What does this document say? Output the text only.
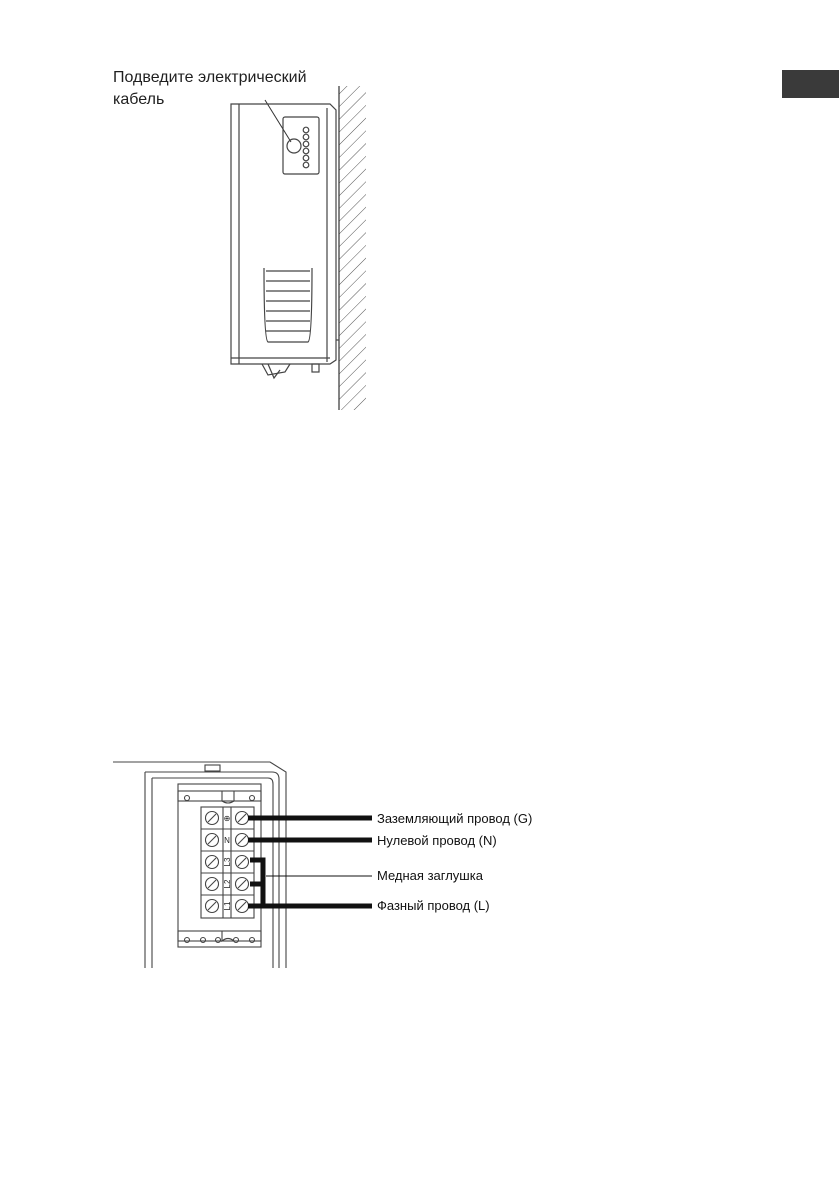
Подведите электрический
кабель
⊕
N
L3
L2
L1
Заземляющий провод (G)
Нулевой провод (N)
Медная заглушка
Фазный провод (L)
